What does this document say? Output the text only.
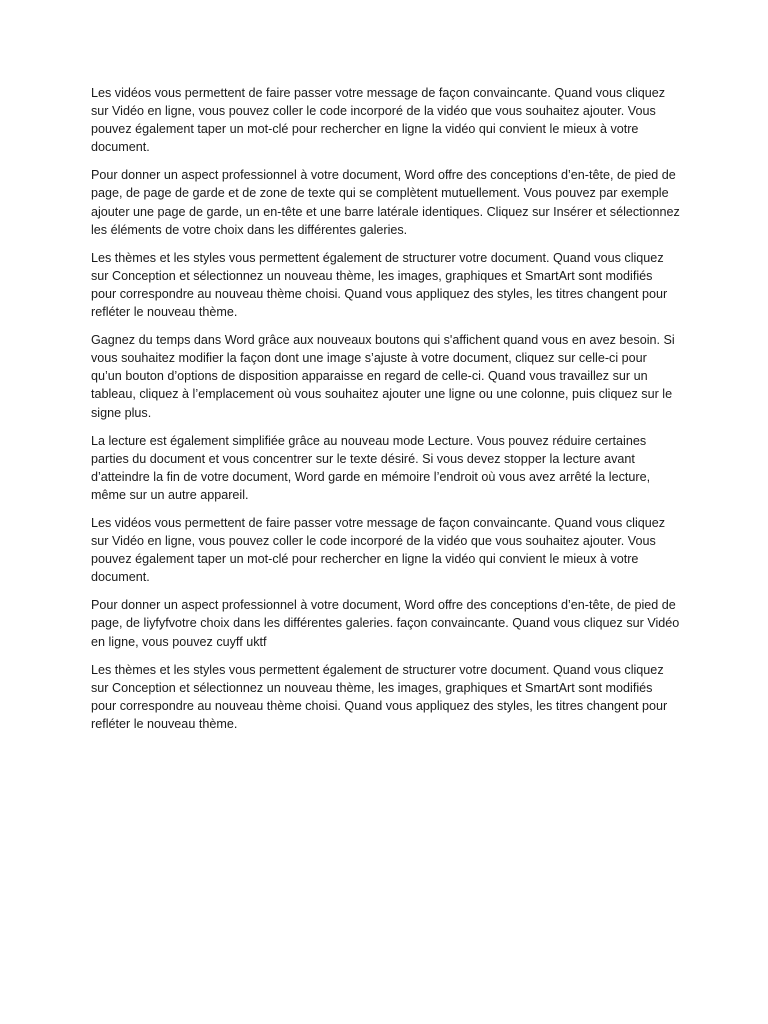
Les vidéos vous permettent de faire passer votre message de façon convaincante. Quand vous cliquez sur Vidéo en ligne, vous pouvez coller le code incorporé de la vidéo que vous souhaitez ajouter. Vous pouvez également taper un mot-clé pour rechercher en ligne la vidéo qui convient le mieux à votre document.

Pour donner un aspect professionnel à votre document, Word offre des conceptions d’en-tête, de pied de page, de page de garde et de zone de texte qui se complètent mutuellement. Vous pouvez par exemple ajouter une page de garde, un en-tête et une barre latérale identiques. Cliquez sur Insérer et sélectionnez les éléments de votre choix dans les différentes galeries.

Les thèmes et les styles vous permettent également de structurer votre document. Quand vous cliquez sur Conception et sélectionnez un nouveau thème, les images, graphiques et SmartArt sont modifiés pour correspondre au nouveau thème choisi. Quand vous appliquez des styles, les titres changent pour refléter le nouveau thème.

Gagnez du temps dans Word grâce aux nouveaux boutons qui s'affichent quand vous en avez besoin. Si vous souhaitez modifier la façon dont une image s’ajuste à votre document, cliquez sur celle-ci pour qu’un bouton d’options de disposition apparaisse en regard de celle-ci. Quand vous travaillez sur un tableau, cliquez à l’emplacement où vous souhaitez ajouter une ligne ou une colonne, puis cliquez sur le signe plus.

La lecture est également simplifiée grâce au nouveau mode Lecture. Vous pouvez réduire certaines parties du document et vous concentrer sur le texte désiré. Si vous devez stopper la lecture avant d’atteindre la fin de votre document, Word garde en mémoire l’endroit où vous avez arrêté la lecture, même sur un autre appareil.

Les vidéos vous permettent de faire passer votre message de façon convaincante. Quand vous cliquez sur Vidéo en ligne, vous pouvez coller le code incorporé de la vidéo que vous souhaitez ajouter. Vous pouvez également taper un mot-clé pour rechercher en ligne la vidéo qui convient le mieux à votre document.

Pour donner un aspect professionnel à votre document, Word offre des conceptions d’en-tête, de pied de page, de liyfyfvotre choix dans les différentes galeries. façon convaincante. Quand vous cliquez sur Vidéo en ligne, vous pouvez cuyff uktf

Les thèmes et les styles vous permettent également de structurer votre document. Quand vous cliquez sur Conception et sélectionnez un nouveau thème, les images, graphiques et SmartArt sont modifiés pour correspondre au nouveau thème choisi. Quand vous appliquez des styles, les titres changent pour refléter le nouveau thème.
